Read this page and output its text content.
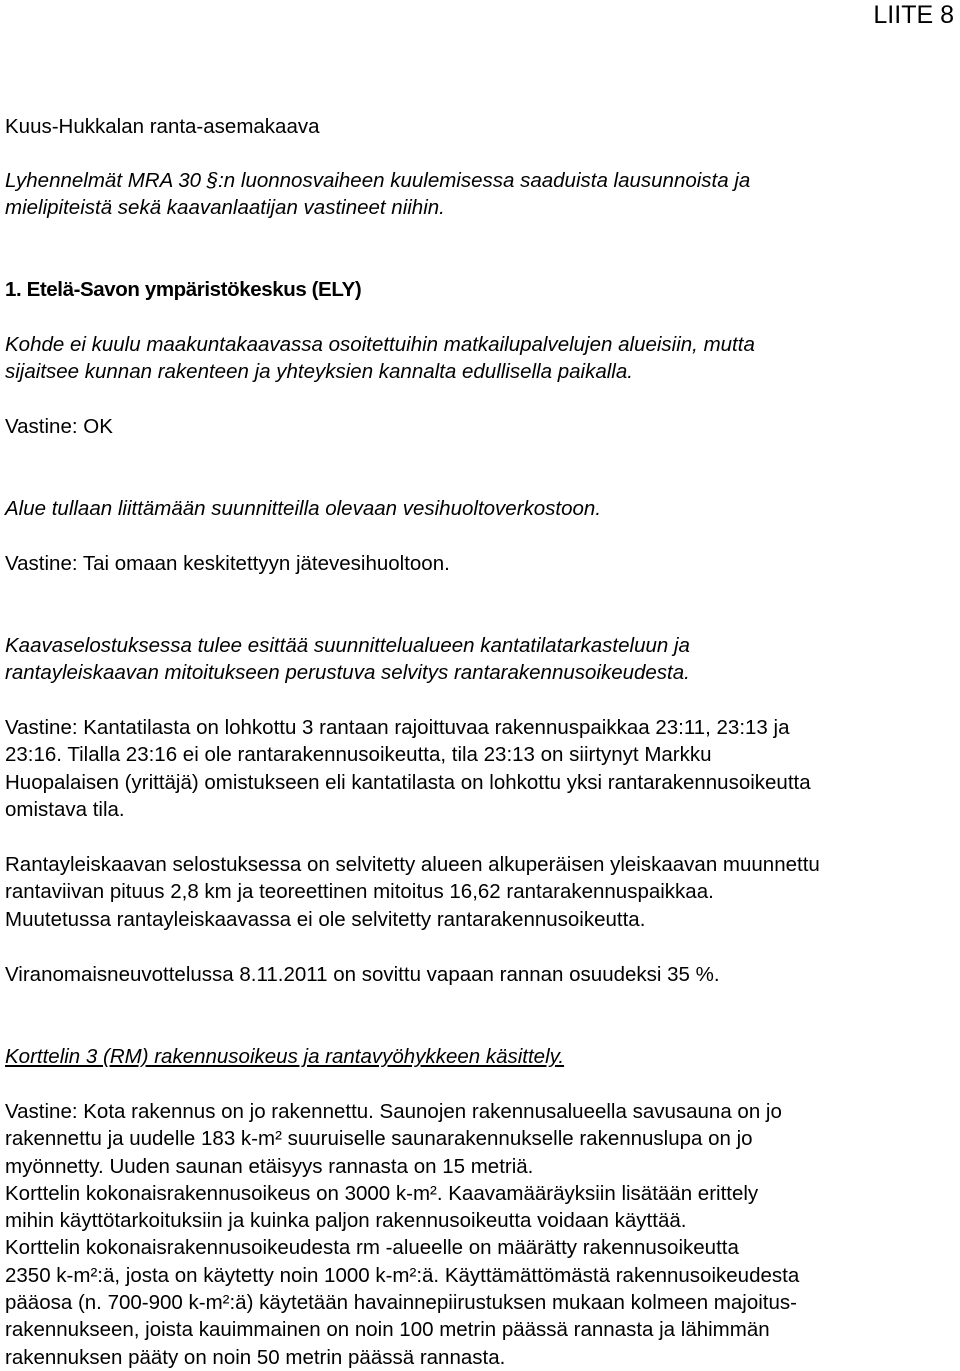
LIITE 8
Kuus-Hukkalan ranta-asemakaava
Lyhennelmät MRA 30 §:n luonnosvaiheen kuulemisessa saaduista lausunnoista ja
mielipiteistä sekä kaavanlaatijan vastineet niihin.
1. Etelä-Savon ympäristökeskus (ELY)
Kohde ei kuulu maakuntakaavassa osoitettuihin matkailupalvelujen alueisiin, mutta
sijaitsee kunnan rakenteen ja yhteyksien kannalta edullisella paikalla.
Vastine: OK
Alue tullaan liittämään suunnitteilla olevaan vesihuoltoverkostoon.
Vastine: Tai omaan keskitettyyn jätevesihuoltoon.
Kaavaselostuksessa tulee esittää suunnittelualueen kantatilatarkasteluun ja
rantayleiskaavan mitoitukseen perustuva selvitys rantarakennusoikeudesta.
Vastine: Kantatilasta on lohkottu 3 rantaan rajoittuvaa rakennuspaikkaa 23:11, 23:13 ja
23:16. Tilalla 23:16 ei ole rantarakennusoikeutta, tila 23:13 on siirtynyt Markku
Huopalaisen (yrittäjä) omistukseen eli kantatilasta on lohkottu yksi rantarakennusoikeutta
omistava tila.
Rantayleiskaavan selostuksessa on selvitetty alueen alkuperäisen yleiskaavan muunnettu
rantaviivan pituus 2,8 km ja teoreettinen mitoitus 16,62 rantarakennuspaikkaa.
Muutetussa rantayleiskaavassa ei ole selvitetty rantarakennusoikeutta.
Viranomaisneuvottelussa 8.11.2011 on sovittu vapaan rannan osuudeksi 35 %.
Korttelin 3 (RM) rakennusoikeus ja rantavyöhykkeen käsittely.
Vastine: Kota rakennus on jo rakennettu. Saunojen rakennusalueella savusauna on jo
rakennettu ja uudelle 183 k-m² suuruiselle saunarakennukselle rakennuslupa on jo
myönnetty. Uuden saunan etäisyys rannasta on 15 metriä.
Korttelin kokonaisrakennusoikeus on 3000 k-m². Kaavamääräyksiin lisätään erittely
mihin käyttötarkoituksiin ja kuinka paljon rakennusoikeutta voidaan käyttää.
Korttelin kokonaisrakennusoikeudesta rm -alueelle on määrätty rakennusoikeutta
2350 k-m²:ä, josta on käytetty noin 1000 k-m²:ä. Käyttämättömästä rakennusoikeudesta
pääosa (n. 700-900 k-m²:ä) käytetään havainnepiirustuksen mukaan kolmeen majoitus-
rakennukseen, joista kauimmainen on noin 100 metrin päässä rannasta ja lähimmän
rakennuksen pääty on noin 50 metrin päässä rannasta.
